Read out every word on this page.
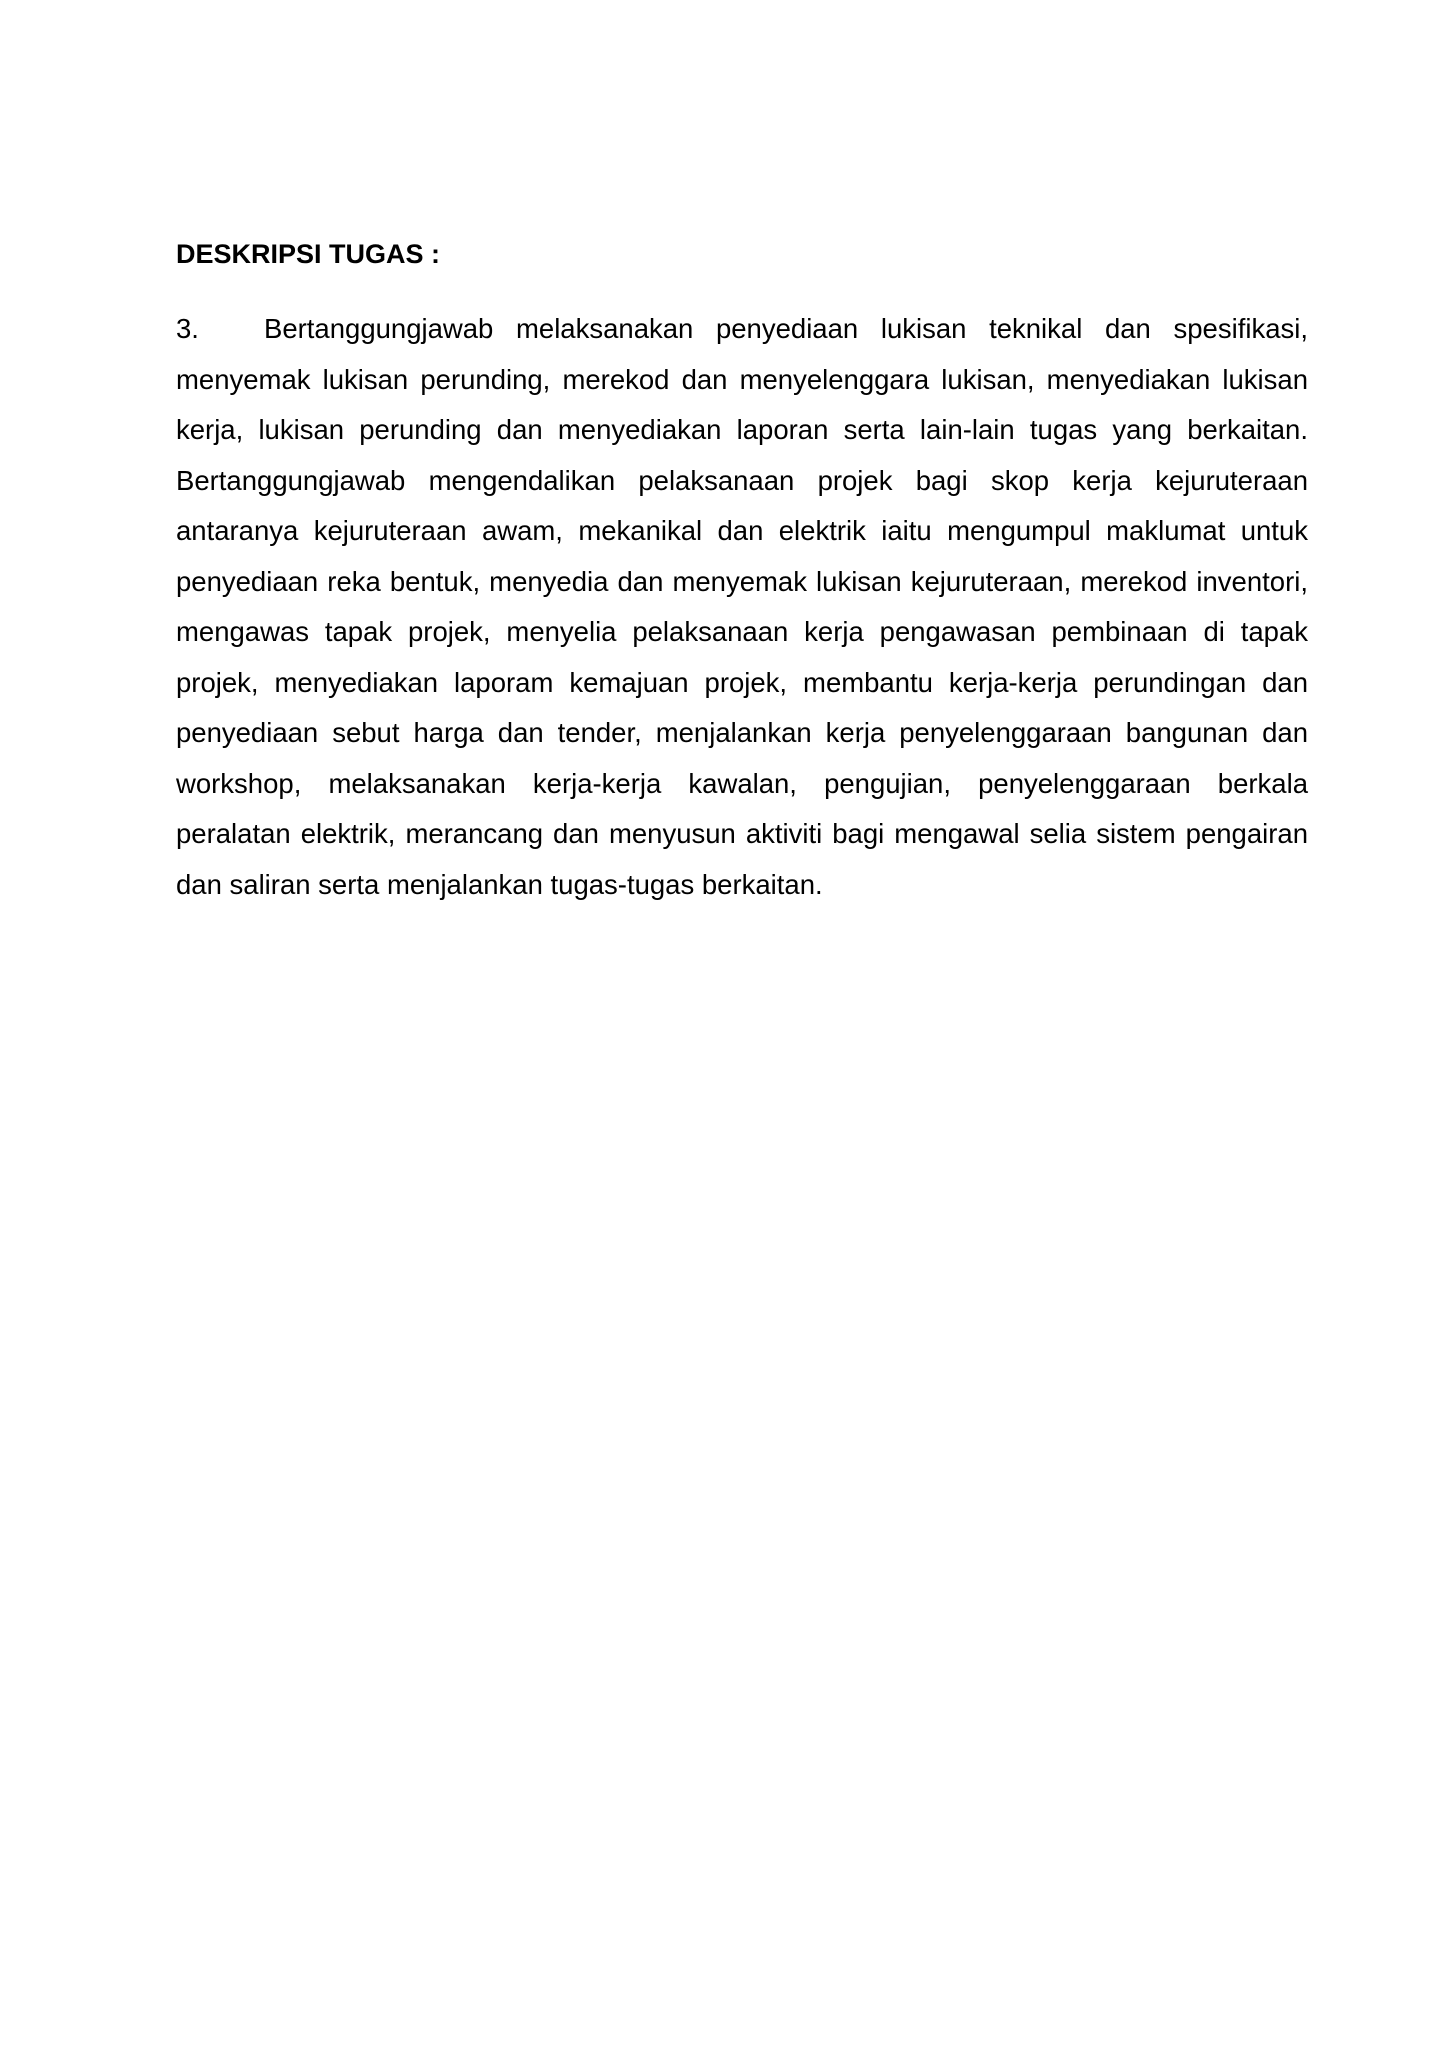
DESKRIPSI TUGAS :

3. Bertanggungjawab melaksanakan penyediaan lukisan teknikal dan spesifikasi, menyemak lukisan perunding, merekod dan menyelenggara lukisan, menyediakan lukisan kerja, lukisan perunding dan menyediakan laporan serta lain-lain tugas yang berkaitan. Bertanggungjawab mengendalikan pelaksanaan projek bagi skop kerja kejuruteraan antaranya kejuruteraan awam, mekanikal dan elektrik iaitu mengumpul maklumat untuk penyediaan reka bentuk, menyedia dan menyemak lukisan kejuruteraan, merekod inventori, mengawas tapak projek, menyelia pelaksanaan kerja pengawasan pembinaan di tapak projek, menyediakan laporam kemajuan projek, membantu kerja-kerja perundingan dan penyediaan sebut harga dan tender, menjalankan kerja penyelenggaraan bangunan dan workshop, melaksanakan kerja-kerja kawalan, pengujian, penyelenggaraan berkala peralatan elektrik, merancang dan menyusun aktiviti bagi mengawal selia sistem pengairan dan saliran serta menjalankan tugas-tugas berkaitan.
